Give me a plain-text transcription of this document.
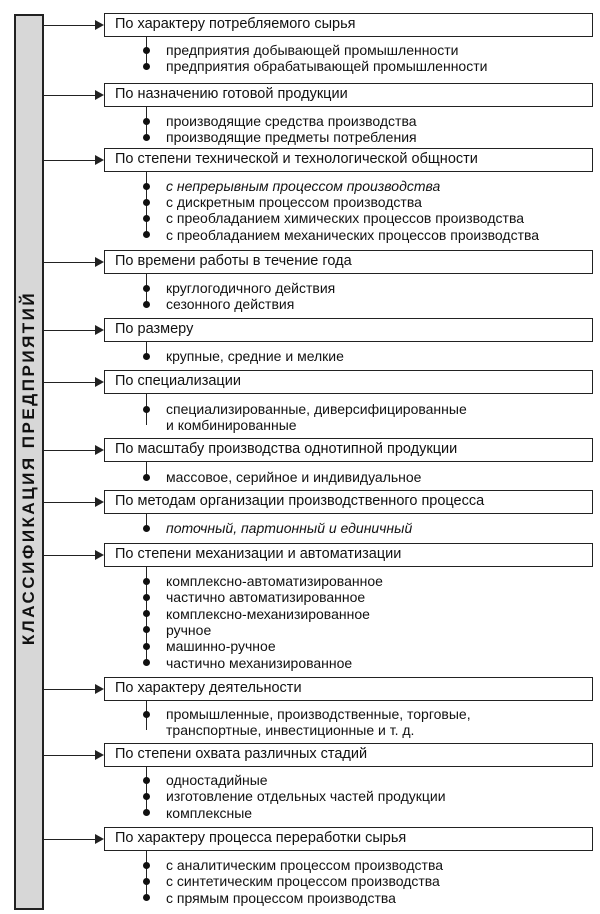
КЛАССИФИКАЦИЯ ПРЕДПРИЯТИЙ
По характеру потребляемого сырья
предприятия добывающей промышленности
предприятия обрабатывающей промышленности
По назначению готовой продукции
производящие средства производства
производящие предметы потребления
По степени технической и технологической общности
с непрерывным процессом производства
с дискретным процессом производства
с преобладанием химических процессов производства
с преобладанием механических процессов производства
По времени работы в течение года
круглогодичного действия
сезонного действия
По размеру
крупные, средние и мелкие
По специализации
специализированные, диверсифицированные
и комбинированные
По масштабу производства однотипной продукции
массовое, серийное и индивидуальное
По методам организации производственного процесса
поточный, партионный и единичный
По степени механизации и автоматизации
комплексно-автоматизированное
частично автоматизированное
комплексно-механизированное
ручное
машинно-ручное
частично механизированное
По характеру деятельности
промышленные, производственные, торговые,
транспортные, инвестиционные и т. д.
По степени охвата различных стадий
одностадийные
изготовление отдельных частей продукции
комплексные
По характеру процесса переработки сырья
с аналитическим процессом производства
с синтетическим процессом производства
с прямым процессом производства
